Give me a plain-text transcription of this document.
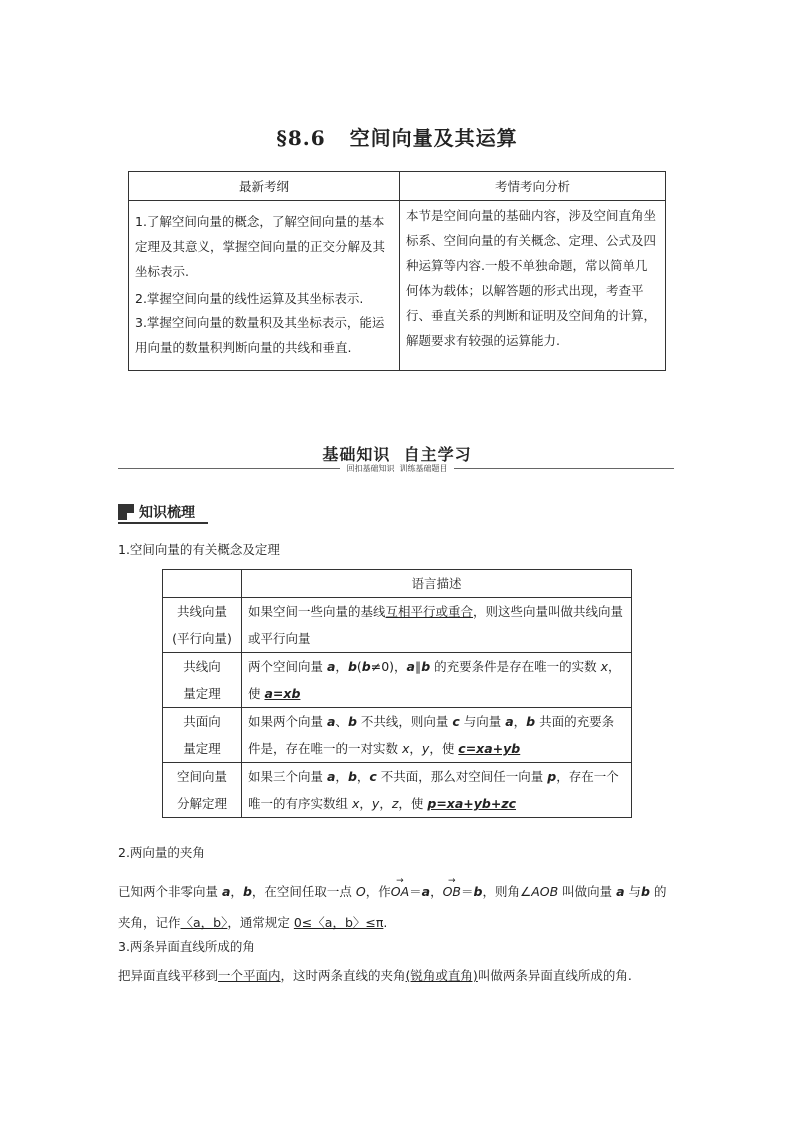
§8.6 空间向量及其运算
最新考纲	考情考向分析

1.了解空间向量的概念，了解空间向量的基本定理及其意义，掌握空间向量的正交分解及其坐标表示.
2.掌握空间向量的线性运算及其坐标表示.
3.掌握空间向量的数量积及其坐标表示，能运用向量的数量积判断向量的共线和垂直.	本节是空间向量的基础内容，涉及空间直角坐标系、空间向量的有关概念、定理、公式及四种运算等内容.一般不单独命题，常以简单几何体为载体；以解答题的形式出现，考查平行、垂直关系的判断和证明及空间角的计算，解题要求有较强的运算能力.
基础知识  自主学习
回扣基础知识  训练基础题目
知识梳理
1.空间向量的有关概念及定理
	语言描述

共线向量
(平行向量)	如果空间一些向量的基线互相平行或重合，则这些向量叫做共线向量或平行向量

共线向
量定理	两个空间向量 a，b(b≠0)，a∥b 的充要条件是存在唯一的实数 x，使 a=xb

共面向
量定理	如果两个向量 a、b 不共线，则向量 c 与向量 a，b 共面的充要条件是，存在唯一的一对实数 x，y，使 c=xa+yb

空间向量
分解定理	如果三个向量 a，b，c 不共面，那么对空间任一向量 p，存在一个唯一的有序实数组 x，y，z，使 p=xa+yb+zc
2.两向量的夹角
已知两个非零向量 a，b，在空间任取一点 O，作→ OA＝a，→ OB＝b，则角∠AOB 叫做向量 a 与b 的夹角，记作〈a，b〉，通常规定 0≤〈a，b〉≤π.
3.两条异面直线所成的角
把异面直线平移到一个平面内，这时两条直线的夹角(锐角或直角)叫做两条异面直线所成的角.
